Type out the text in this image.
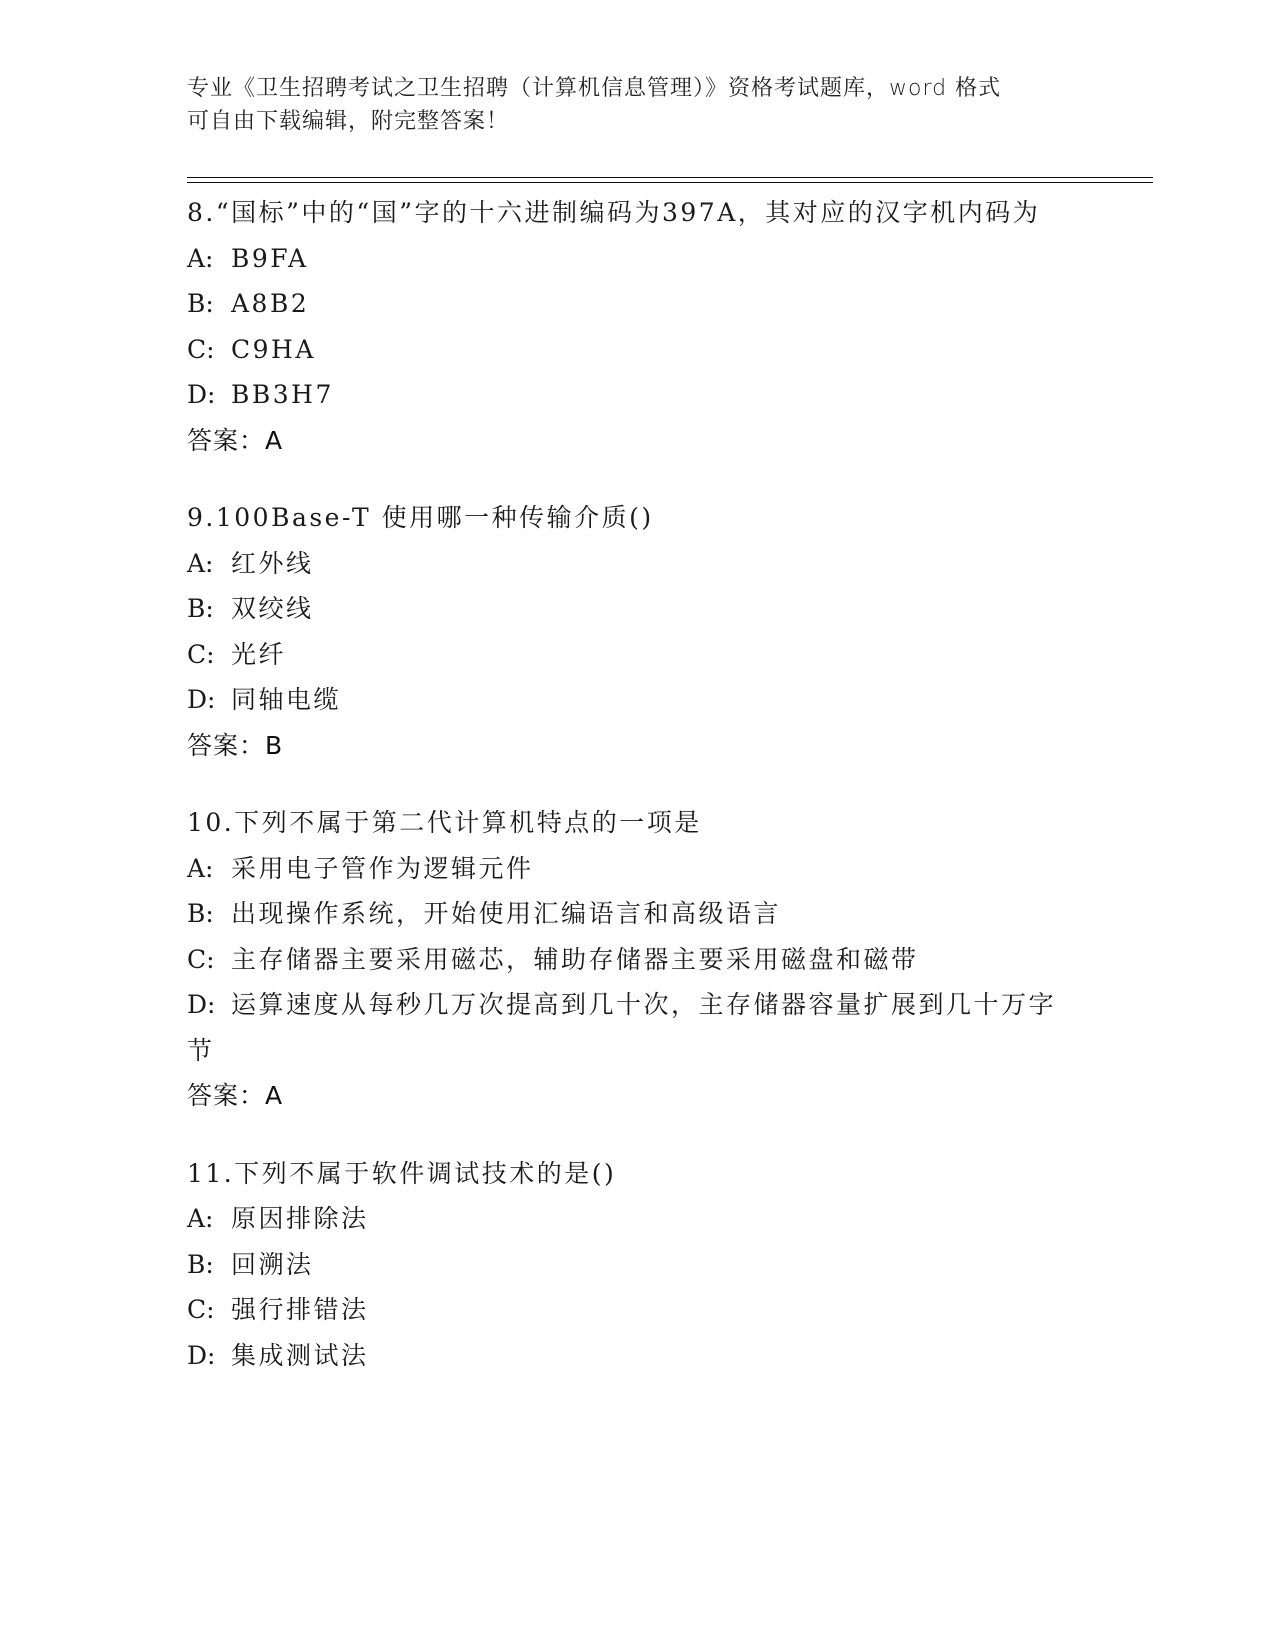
专业《卫生招聘考试之卫生招聘（计算机信息管理）》资格考试题库，word 格式
可自由下载编辑，附完整答案！
8.“国标”中的“国”字的十六进制编码为397A，其对应的汉字机内码为
A: B9FA
B: A8B2
C: C9HA
D: BB3H7
答案：A
9.100Base-T 使用哪一种传输介质()
A: 红外线
B: 双绞线
C: 光纤
D: 同轴电缆
答案：B
10.下列不属于第二代计算机特点的一项是
A: 采用电子管作为逻辑元件
B: 出现操作系统，开始使用汇编语言和高级语言
C: 主存储器主要采用磁芯，辅助存储器主要采用磁盘和磁带
D: 运算速度从每秒几万次提高到几十次，主存储器容量扩展到几十万字节
答案：A
11.下列不属于软件调试技术的是()
A: 原因排除法
B: 回溯法
C: 强行排错法
D: 集成测试法
